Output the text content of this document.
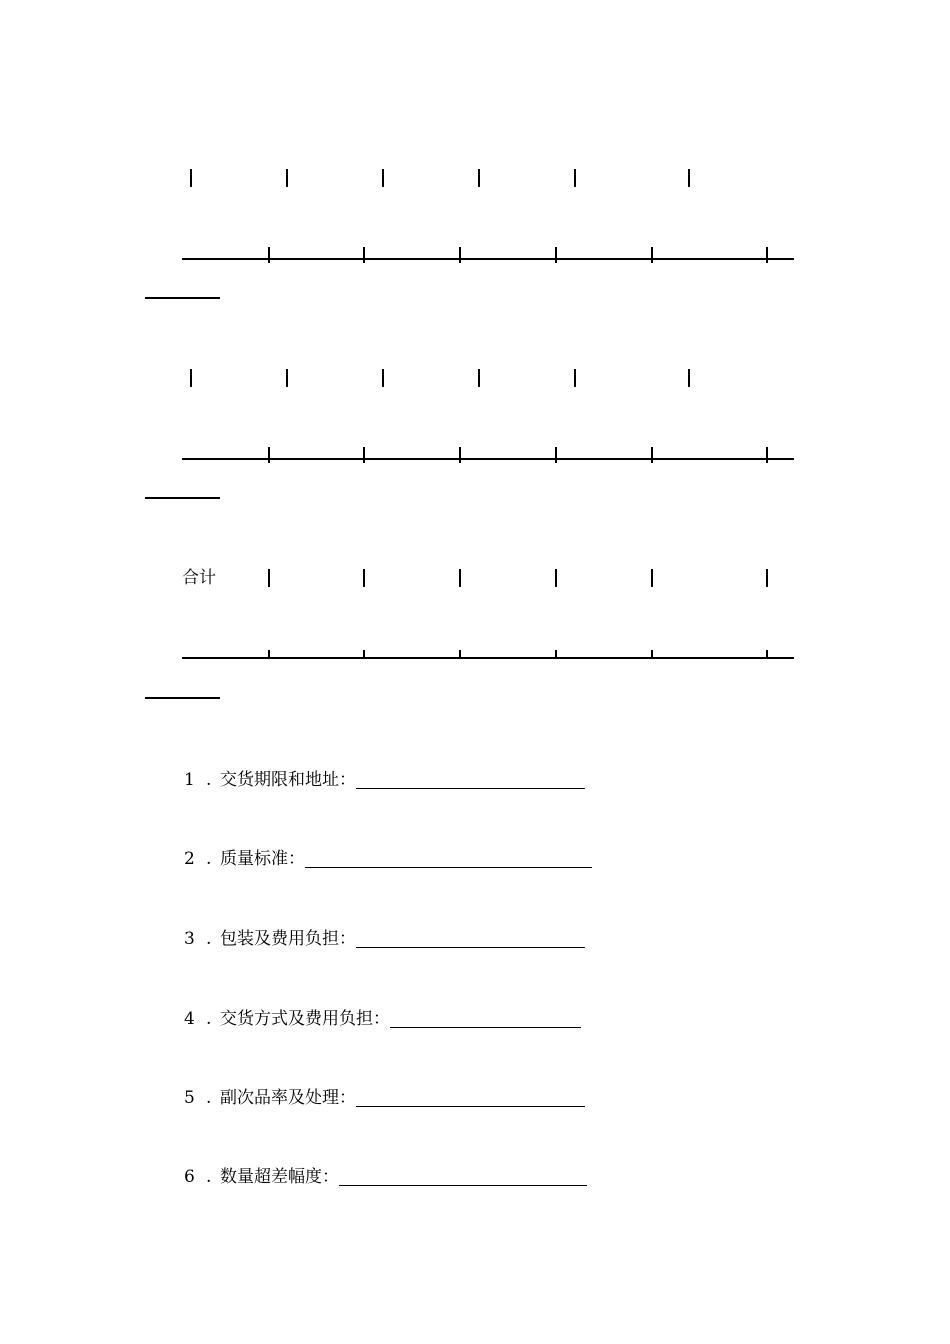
合计
1 . 交货期限和地址：
2 . 质量标准：
3 . 包装及费用负担：
4 . 交货方式及费用负担：
5 . 副次品率及处理：
6 . 数量超差幅度：
